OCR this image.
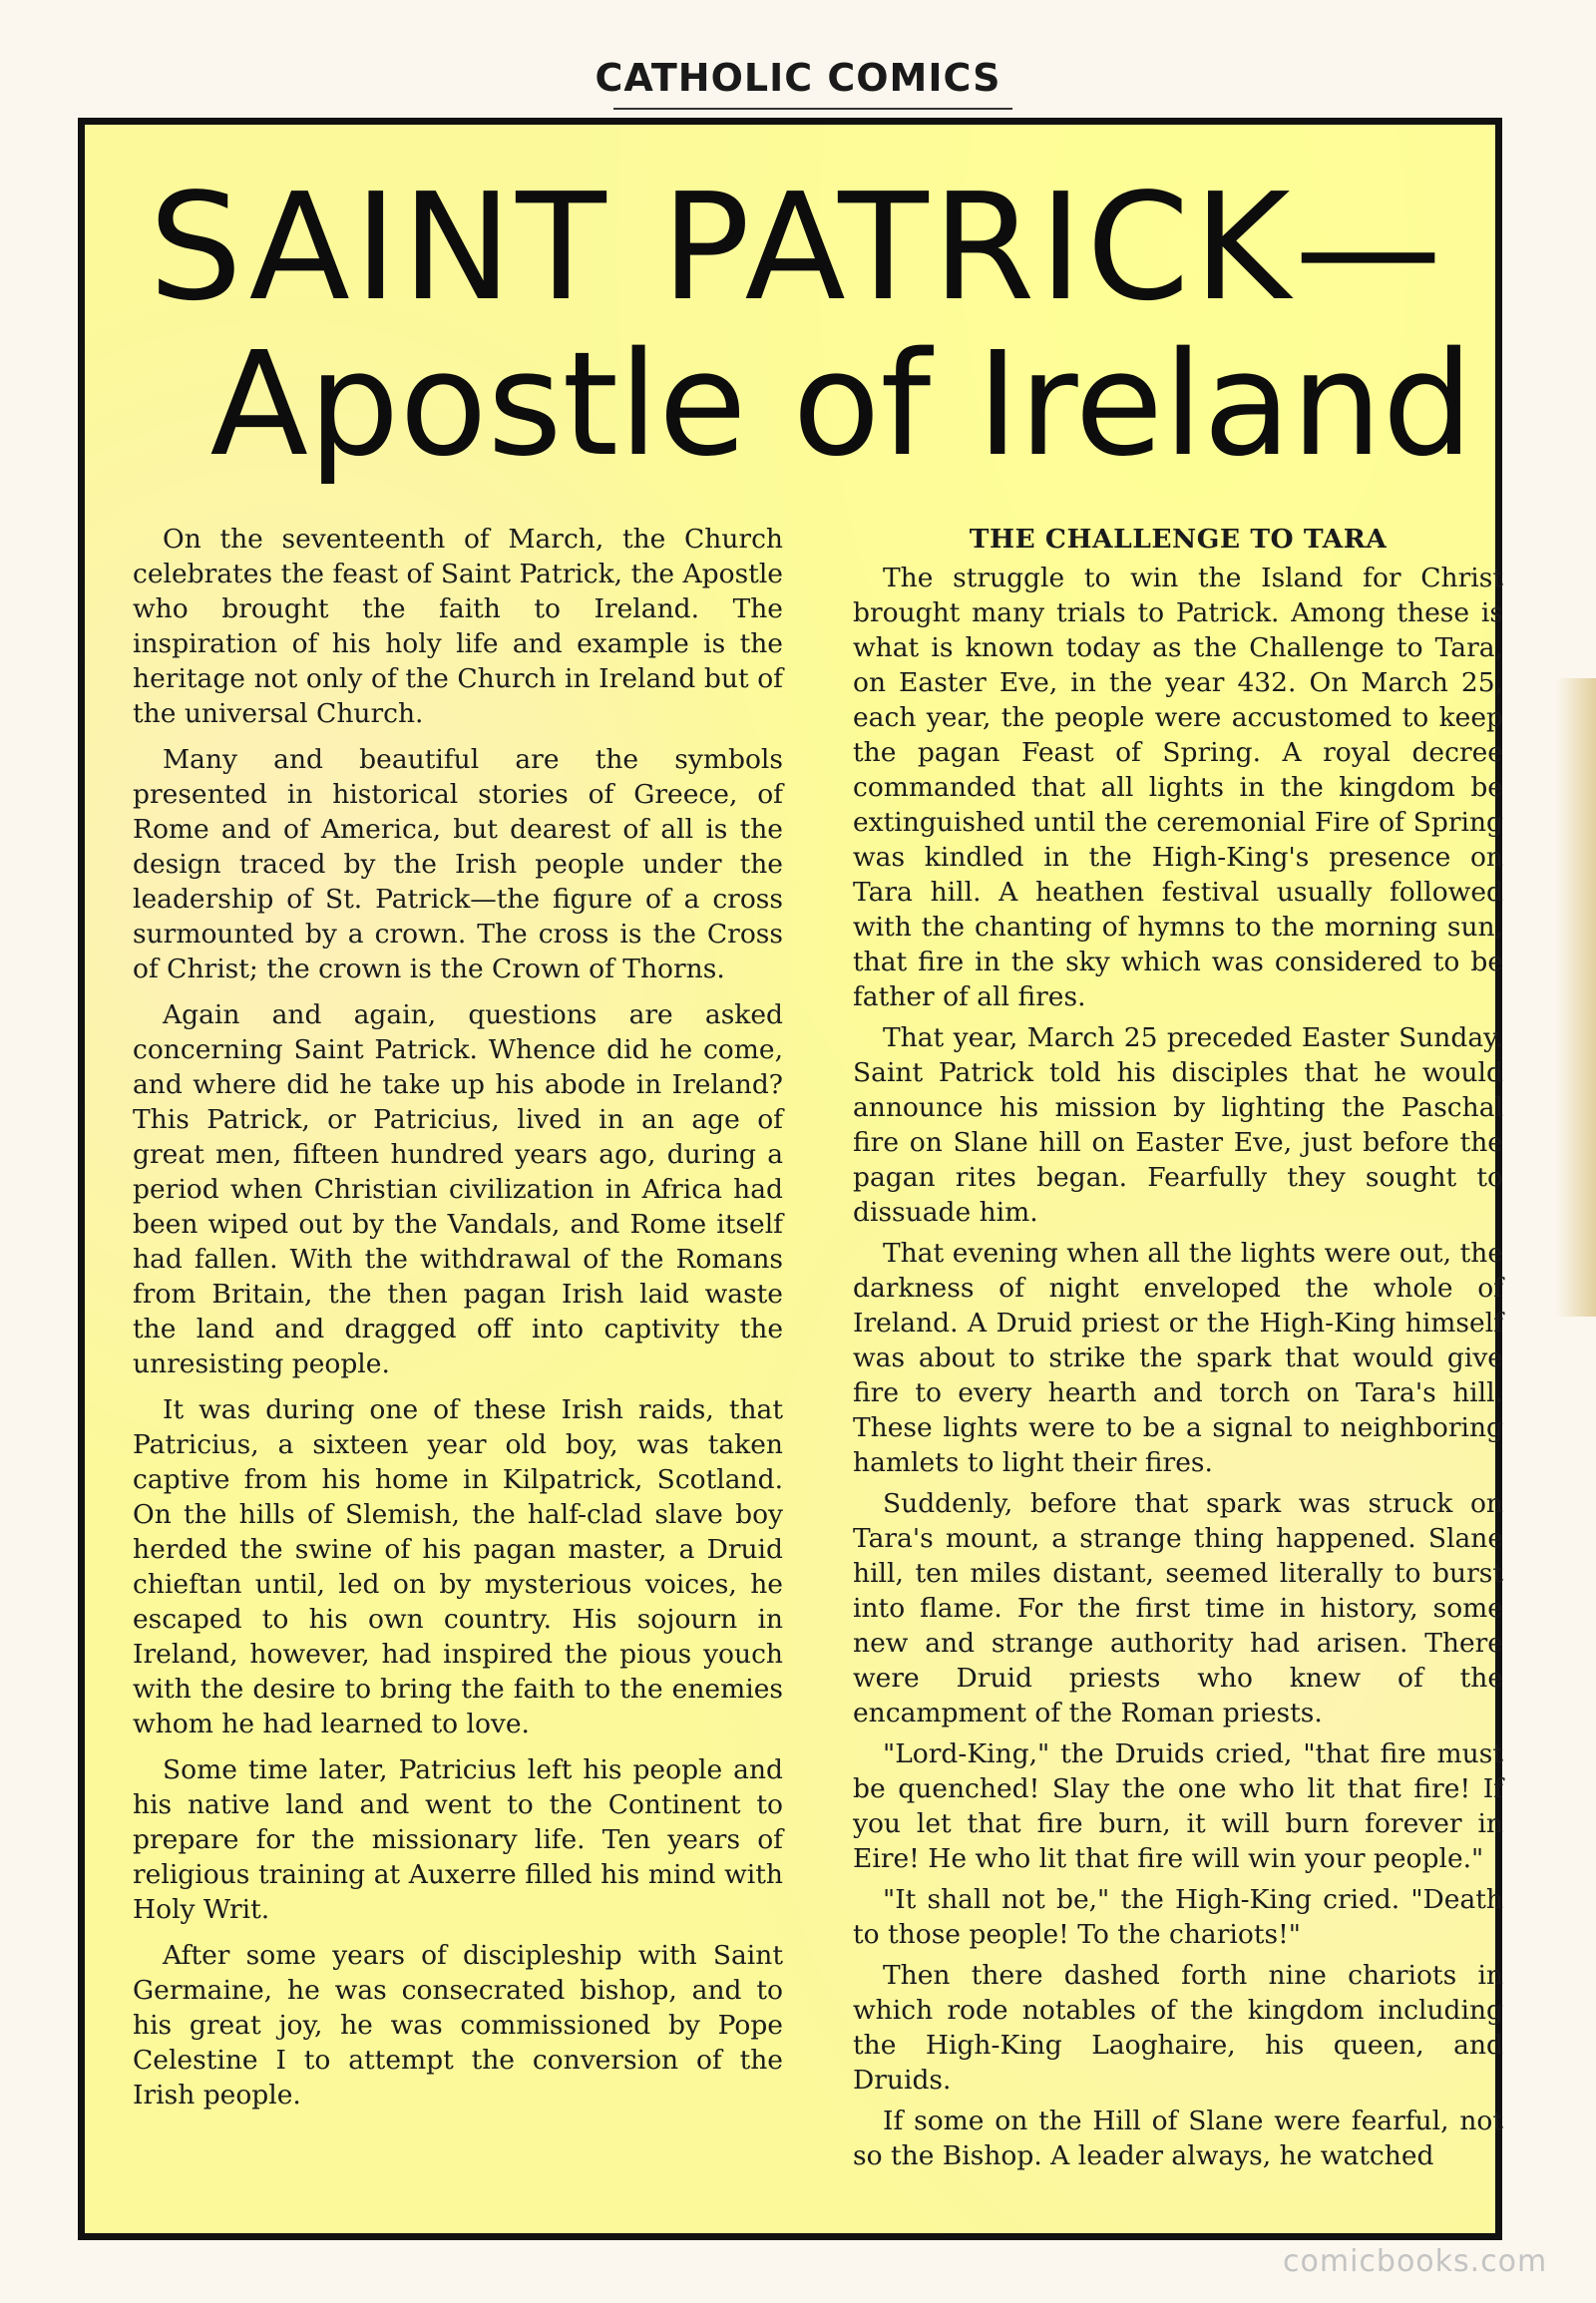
CATHOLIC COMICS
SAINT PATRICK—
Apostle of Ireland

On the seventeenth of March, the Church celebrates the feast of Saint Patrick, the Apostle who brought the faith to Ireland. The inspiration of his holy life and example is the heritage not only of the Church in Ireland but of the universal Church.

Many and beautiful are the symbols presented in historical stories of Greece, of Rome and of America, but dearest of all is the design traced by the Irish people under the leadership of St. Patrick—the figure of a cross surmounted by a crown. The cross is the Cross of Christ; the crown is the Crown of Thorns.

Again and again, questions are asked concerning Saint Patrick. Whence did he come, and where did he take up his abode in Ireland? This Patrick, or Patricius, lived in an age of great men, fifteen hundred years ago, during a period when Christian civilization in Africa had been wiped out by the Vandals, and Rome itself had fallen. With the withdrawal of the Romans from Britain, the then pagan Irish laid waste the land and dragged off into captivity the unresisting people.

It was during one of these Irish raids, that Patricius, a sixteen year old boy, was taken captive from his home in Kilpatrick, Scotland. On the hills of Slemish, the half-clad slave boy herded the swine of his pagan master, a Druid chieftan until, led on by mysterious voices, he escaped to his own country. His sojourn in Ireland, however, had inspired the pious youch with the desire to bring the faith to the enemies whom he had learned to love.

Some time later, Patricius left his people and his native land and went to the Continent to prepare for the missionary life. Ten years of religious training at Auxerre filled his mind with Holy Writ.

After some years of discipleship with Saint Germaine, he was consecrated bishop, and to his great joy, he was commissioned by Pope Celestine I to attempt the conversion of the Irish people.

THE CHALLENGE TO TARA

The struggle to win the Island for Christ brought many trials to Patrick. Among these is what is known today as the Challenge to Tara, on Easter Eve, in the year 432. On March 25, each year, the people were accustomed to keep the pagan Feast of Spring. A royal decree commanded that all lights in the kingdom be extinguished until the ceremonial Fire of Spring was kindled in the High-King's presence on Tara hill. A heathen festival usually followed with the chanting of hymns to the morning sun, that fire in the sky which was considered to be father of all fires.

That year, March 25 preceded Easter Sunday. Saint Patrick told his disciples that he would announce his mission by lighting the Paschal fire on Slane hill on Easter Eve, just before the pagan rites began. Fearfully they sought to dissuade him.

That evening when all the lights were out, the darkness of night enveloped the whole of Ireland. A Druid priest or the High-King himself was about to strike the spark that would give fire to every hearth and torch on Tara's hill. These lights were to be a signal to neighboring hamlets to light their fires.

Suddenly, before that spark was struck on Tara's mount, a strange thing happened. Slane hill, ten miles distant, seemed literally to burst into flame. For the first time in history, some new and strange authority had arisen. There were Druid priests who knew of the encampment of the Roman priests.

"Lord-King," the Druids cried, "that fire must be quenched! Slay the one who lit that fire! If you let that fire burn, it will burn forever in Eire! He who lit that fire will win your people."

"It shall not be," the High-King cried. "Death to those people! To the chariots!"

Then there dashed forth nine chariots in which rode notables of the kingdom including the High-King Laoghaire, his queen, and Druids.

If some on the Hill of Slane were fearful, not so the Bishop. A leader always, he watched

comicbooks.com
